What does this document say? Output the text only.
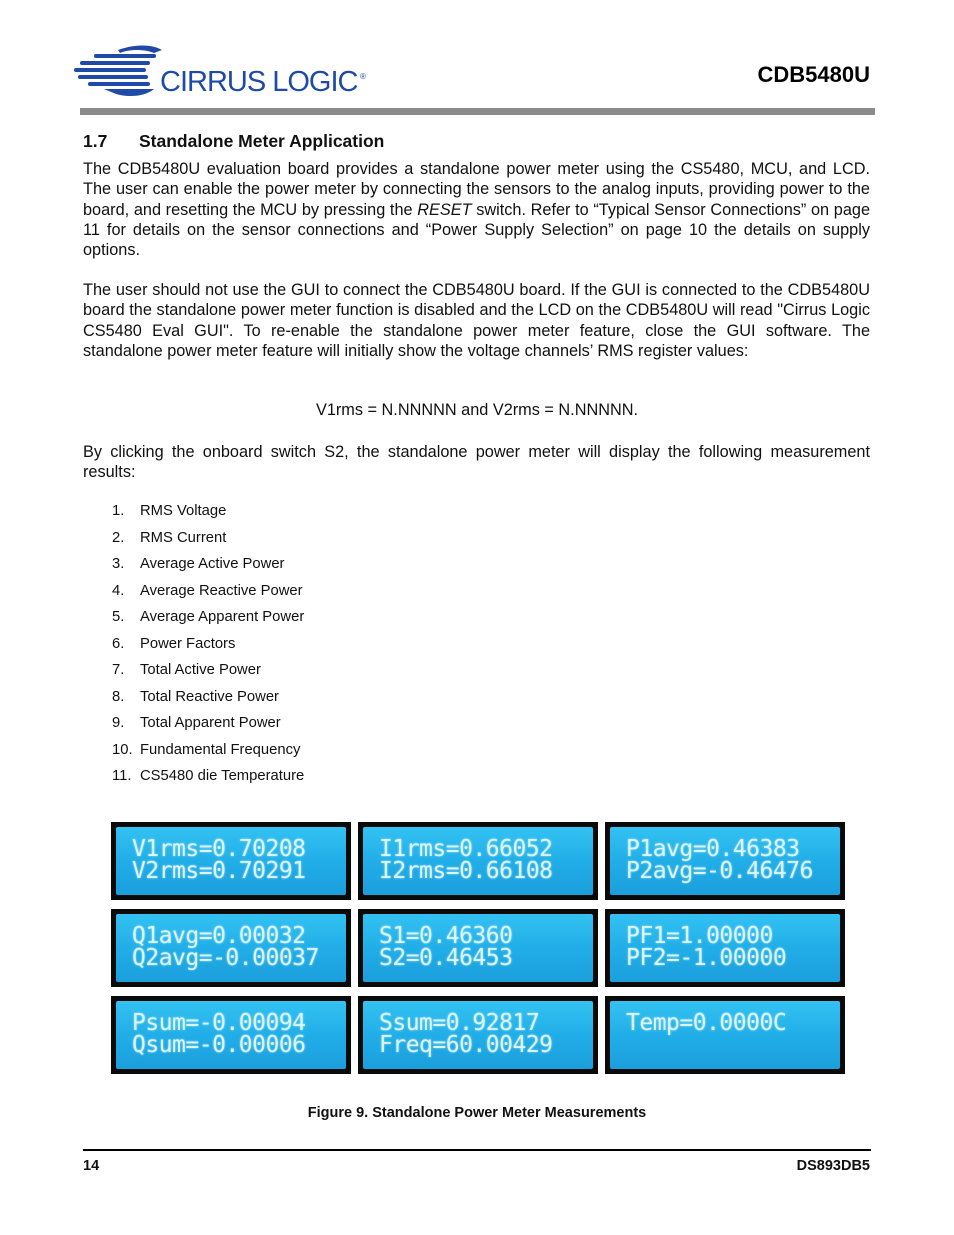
CIRRUS LOGIC ®	CDB5480U
1.7 Standalone Meter Application

The CDB5480U evaluation board provides a standalone power meter using the CS5480, MCU, and LCD. The user can enable the power meter by connecting the sensors to the analog inputs, providing power to the board, and resetting the MCU by pressing the RESET switch. Refer to “Typical Sensor Connections” on page 11 for details on the sensor connections and “Power Supply Selection” on page 10 the details on supply options.

The user should not use the GUI to connect the CDB5480U board. If the GUI is connected to the CDB5480U board the standalone power meter function is disabled and the LCD on the CDB5480U will read "Cirrus Logic CS5480 Eval GUI". To re-enable the standalone power meter feature, close the GUI software. The standalone power meter feature will initially show the voltage channels’ RMS register values:

V1rms = N.NNNNN and V2rms = N.NNNNN.

By clicking the onboard switch S2, the standalone power meter will display the following measurement results:

1.	RMS Voltage
2.	RMS Current
3.	Average Active Power
4.	Average Reactive Power
5.	Average Apparent Power
6.	Power Factors
7.	Total Active Power
8.	Total Reactive Power
9.	Total Apparent Power
10. Fundamental Frequency
11. CS5480 die Temperature
V1rms=0.70208
V2rms=0.70291
I1rms=0.66052
I2rms=0.66108
P1avg=0.46383
P2avg=-0.46476
Q1avg=0.00032
Q2avg=-0.00037
S1=0.46360
S2=0.46453
PF1=1.00000
PF2=-1.00000
Psum=-0.00094
Qsum=-0.00006
Ssum=0.92817
Freq=60.00429
Temp=0.0000C
Figure 9. Standalone Power Meter Measurements
14	DS893DB5
